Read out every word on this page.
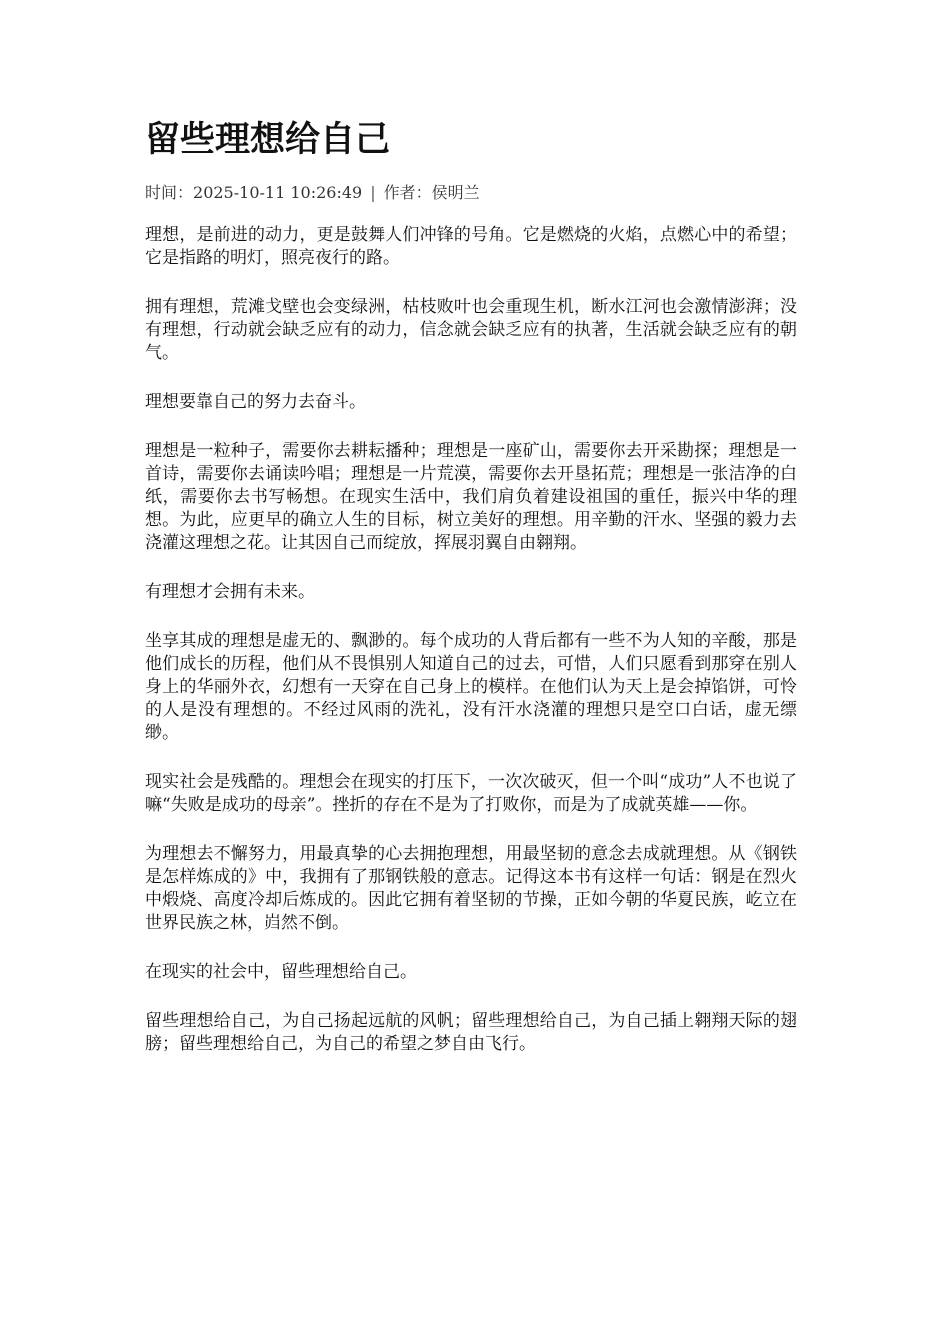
留些理想给自己
时间：2025-10-11 10:26:49 | 作者：侯明兰

理想，是前进的动力，更是鼓舞人们冲锋的号角。它是燃烧的火焰，点燃心中的希望；它是指路的明灯，照亮夜行的路。

拥有理想，荒滩戈壁也会变绿洲，枯枝败叶也会重现生机，断水江河也会激情澎湃；没有理想，行动就会缺乏应有的动力，信念就会缺乏应有的执著，生活就会缺乏应有的朝气。

理想要靠自己的努力去奋斗。

理想是一粒种子，需要你去耕耘播种；理想是一座矿山，需要你去开采勘探；理想是一首诗，需要你去诵读吟唱；理想是一片荒漠，需要你去开垦拓荒；理想是一张洁净的白纸，需要你去书写畅想。在现实生活中，我们肩负着建设祖国的重任，振兴中华的理想。为此，应更早的确立人生的目标，树立美好的理想。用辛勤的汗水、坚强的毅力去浇灌这理想之花。让其因自己而绽放，挥展羽翼自由翱翔。

有理想才会拥有未来。

坐享其成的理想是虚无的、飘渺的。每个成功的人背后都有一些不为人知的辛酸，那是他们成长的历程，他们从不畏惧别人知道自己的过去，可惜，人们只愿看到那穿在别人身上的华丽外衣，幻想有一天穿在自己身上的模样。在他们认为天上是会掉馅饼，可怜的人是没有理想的。不经过风雨的洗礼，没有汗水浇灌的理想只是空口白话，虚无缥缈。

现实社会是残酷的。理想会在现实的打压下，一次次破灭，但一个叫“成功”人不也说了嘛“失败是成功的母亲”。挫折的存在不是为了打败你，而是为了成就英雄——你。

为理想去不懈努力，用最真挚的心去拥抱理想，用最坚韧的意念去成就理想。从《钢铁是怎样炼成的》中，我拥有了那钢铁般的意志。记得这本书有这样一句话：钢是在烈火中煅烧、高度冷却后炼成的。因此它拥有着坚韧的节操，正如今朝的华夏民族，屹立在世界民族之林，岿然不倒。

在现实的社会中，留些理想给自己。

留些理想给自己，为自己扬起远航的风帆；留些理想给自己，为自己插上翱翔天际的翅膀；留些理想给自己，为自己的希望之梦自由飞行。
